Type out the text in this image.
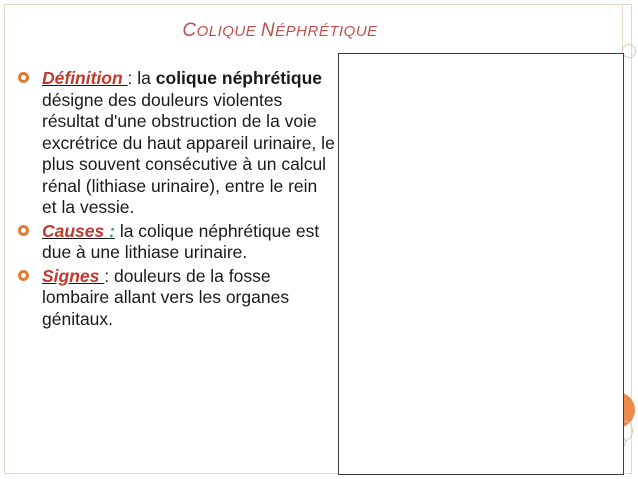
COLIQUE NÉPHRÉTIQUE
Définition : la colique néphrétique désigne des douleurs violentes résultat d'une obstruction de la voie excrétrice du haut appareil urinaire, le plus souvent consécutive à un calcul rénal (lithiase urinaire), entre le rein et la vessie.
Causes : la colique néphrétique est due à une lithiase urinaire.
Signes : douleurs de la fosse lombaire allant vers les organes génitaux.
